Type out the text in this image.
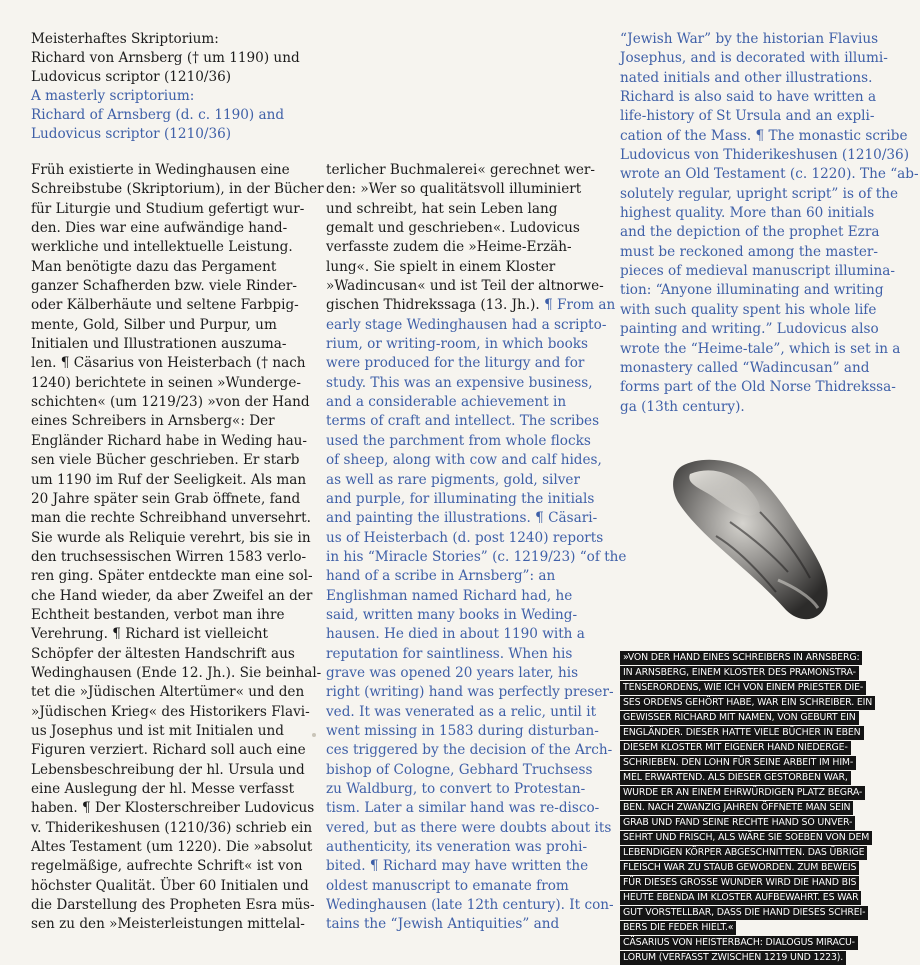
Meisterhaftes Skriptorium:
Richard von Arnsberg († um 1190) und
Ludovicus scriptor (1210/36)
A masterly scriptorium:
Richard of Arnsberg (d. c. 1190) and
Ludovicus scriptor (1210/36)
Früh existierte in Wedinghausen eine
Schreibstube (Skriptorium), in der Bücher
für Liturgie und Studium gefertigt wur-
den. Dies war eine aufwändige hand-
werkliche und intellektuelle Leistung.
Man benötigte dazu das Pergament
ganzer Schafherden bzw. viele Rinder-
oder Kälberhäute und seltene Farbpig-
mente, Gold, Silber und Purpur, um
Initialen und Illustrationen auszuma-
len. ¶ Cäsarius von Heisterbach († nach
1240) berichtete in seinen »Wunderge-
schichten« (um 1219/23) »von der Hand
eines Schreibers in Arnsberg«: Der
Engländer Richard habe in Weding hau-
sen viele Bücher geschrieben. Er starb
um 1190 im Ruf der Seeligkeit. Als man
20 Jahre später sein Grab öffnete, fand
man die rechte Schreibhand unversehrt.
Sie wurde als Reliquie verehrt, bis sie in
den truchsessischen Wirren 1583 verlo-
ren ging. Später entdeckte man eine sol-
che Hand wieder, da aber Zweifel an der
Echtheit bestanden, verbot man ihre
Verehrung. ¶ Richard ist vielleicht
Schöpfer der ältesten Handschrift aus
Wedinghausen (Ende 12. Jh.). Sie beinhal-
tet die »Jüdischen Altertümer« und den
»Jüdischen Krieg« des Historikers Flavi-
us Josephus und ist mit Initialen und
Figuren verziert. Richard soll auch eine
Lebensbeschreibung der hl. Ursula und
eine Auslegung der hl. Messe verfasst
haben. ¶ Der Klosterschreiber Ludovicus
v. Thiderikeshusen (1210/36) schrieb ein
Altes Testament (um 1220). Die »absolut
regelmäßige, aufrechte Schrift« ist von
höchster Qualität. Über 60 Initialen und
die Darstellung des Propheten Esra müs-
sen zu den »Meisterleistungen mittelal-
terlicher Buchmalerei« gerechnet wer-
den: »Wer so qualitätsvoll illuminiert
und schreibt, hat sein Leben lang
gemalt und geschrieben«. Ludovicus
verfasste zudem die »Heime-Erzäh-
lung«. Sie spielt in einem Kloster
»Wadincusan« und ist Teil der altnorwe-
gischen Thidrekssaga (13. Jh.). ¶ From an
early stage Wedinghausen had a scripto-
rium, or writing-room, in which books
were produced for the liturgy and for
study. This was an expensive business,
and a considerable achievement in
terms of craft and intellect. The scribes
used the parchment from whole flocks
of sheep, along with cow and calf hides,
as well as rare pigments, gold, silver
and purple, for illuminating the initials
and painting the illustrations. ¶ Cäsari-
us of Heisterbach (d. post 1240) reports
in his “Miracle Stories” (c. 1219/23) “of the
hand of a scribe in Arnsberg”: an
Englishman named Richard had, he
said, written many books in Weding-
hausen. He died in about 1190 with a
reputation for saintliness. When his
grave was opened 20 years later, his
right (writing) hand was perfectly preser-
ved. It was venerated as a relic, until it
went missing in 1583 during disturban-
ces triggered by the decision of the Arch-
bishop of Cologne, Gebhard Truchsess
zu Waldburg, to convert to Protestan-
tism. Later a similar hand was re-disco-
vered, but as there were doubts about its
authenticity, its veneration was prohi-
bited. ¶ Richard may have written the
oldest manuscript to emanate from
Wedinghausen (late 12th century). It con-
tains the “Jewish Antiquities” and
“Jewish War” by the historian Flavius
Josephus, and is decorated with illumi-
nated initials and other illustrations.
Richard is also said to have written a
life-history of St Ursula and an expli-
cation of the Mass. ¶ The monastic scribe
Ludovicus von Thiderikeshusen (1210/36)
wrote an Old Testament (c. 1220). The “ab-
solutely regular, upright script” is of the
highest quality. More than 60 initials
and the depiction of the prophet Ezra
must be reckoned among the master-
pieces of medieval manuscript illumina-
tion: “Anyone illuminating and writing
with such quality spent his whole life
painting and writing.” Ludovicus also
wrote the “Heime-tale”, which is set in a
monastery called “Wadincusan” and
forms part of the Old Norse Thidrekssa-
ga (13th century).
»VON DER HAND EINES SCHREIBERS IN ARNSBERG:
IN ARNSBERG, EINEM KLOSTER DES PRAMONSTRA-
TENSERORDENS, WIE ICH VON EINEM PRIESTER DIE-
SES ORDENS GEHÖRT HABE, WAR EIN SCHREIBER. EIN
GEWISSER RICHARD MIT NAMEN, VON GEBURT EIN
ENGLÄNDER. DIESER HATTE VIELE BÜCHER IN EBEN
DIESEM KLOSTER MIT EIGENER HAND NIEDERGE-
SCHRIEBEN. DEN LOHN FÜR SEINE ARBEIT IM HIM-
MEL ERWARTEND. ALS DIESER GESTORBEN WAR,
WURDE ER AN EINEM EHRWÜRDIGEN PLATZ BEGRA-
BEN. NACH ZWANZIG JAHREN ÖFFNETE MAN SEIN
GRAB UND FAND SEINE RECHTE HAND SO UNVER-
SEHRT UND FRISCH, ALS WÄRE SIE SOEBEN VON DEM
LEBENDIGEN KÖRPER ABGESCHNITTEN. DAS ÜBRIGE
FLEISCH WAR ZU STAUB GEWORDEN. ZUM BEWEIS
FÜR DIESES GROSSE WUNDER WIRD DIE HAND BIS
HEUTE EBENDA IM KLOSTER AUFBEWAHRT. ES WAR
GUT VORSTELLBAR, DASS DIE HAND DIESES SCHREI-
BERS DIE FEDER HIELT.«
CÄSARIUS VON HEISTERBACH: DIALOGUS MIRACU-
LORUM (VERFASST ZWISCHEN 1219 UND 1223).
